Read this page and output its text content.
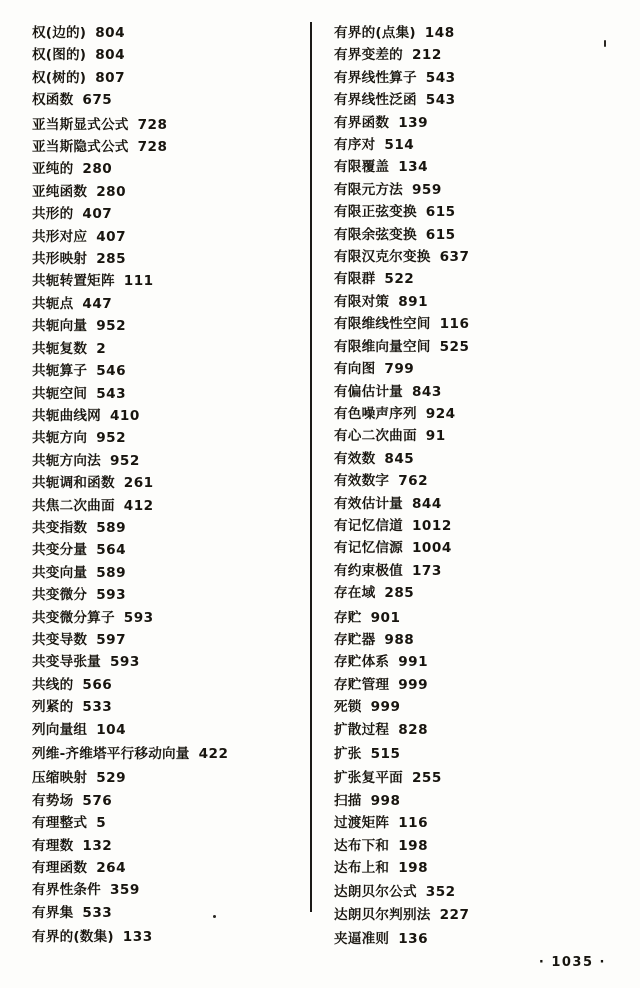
权(边的) 804
权(图的) 804
权(树的) 807
权函数 675
亚当斯显式公式 728
亚当斯隐式公式 728
亚纯的 280
亚纯函数 280
共形的 407
共形对应 407
共形映射 285
共轭转置矩阵 111
共轭点 447
共轭向量 952
共轭复数 2
共轭算子 546
共轭空间 543
共轭曲线网 410
共轭方向 952
共轭方向法 952
共轭调和函数 261
共焦二次曲面 412
共变指数 589
共变分量 564
共变向量 589
共变微分 593
共变微分算子 593
共变导数 597
共变导张量 593
共线的 566
列紧的 533
列向量组 104
列维-齐维塔平行移动向量 422
压缩映射 529
有势场 576
有理整式 5
有理数 132
有理函数 264
有界性条件 359
有界集 533
有界的(数集) 133
有界的(点集) 148
有界变差的 212
有界线性算子 543
有界线性泛函 543
有界函数 139
有序对 514
有限覆盖 134
有限元方法 959
有限正弦变换 615
有限余弦变换 615
有限汉克尔变换 637
有限群 522
有限对策 891
有限维线性空间 116
有限维向量空间 525
有向图 799
有偏估计量 843
有色噪声序列 924
有心二次曲面 91
有效数 845
有效数字 762
有效估计量 844
有记忆信道 1012
有记忆信源 1004
有约束极值 173
存在域 285
存贮 901
存贮器 988
存贮体系 991
存贮管理 999
死锁 999
扩散过程 828
扩张 515
扩张复平面 255
扫描 998
过渡矩阵 116
达布下和 198
达布上和 198
达朗贝尔公式 352
达朗贝尔判别法 227
夹逼准则 136
· 1035 ·
